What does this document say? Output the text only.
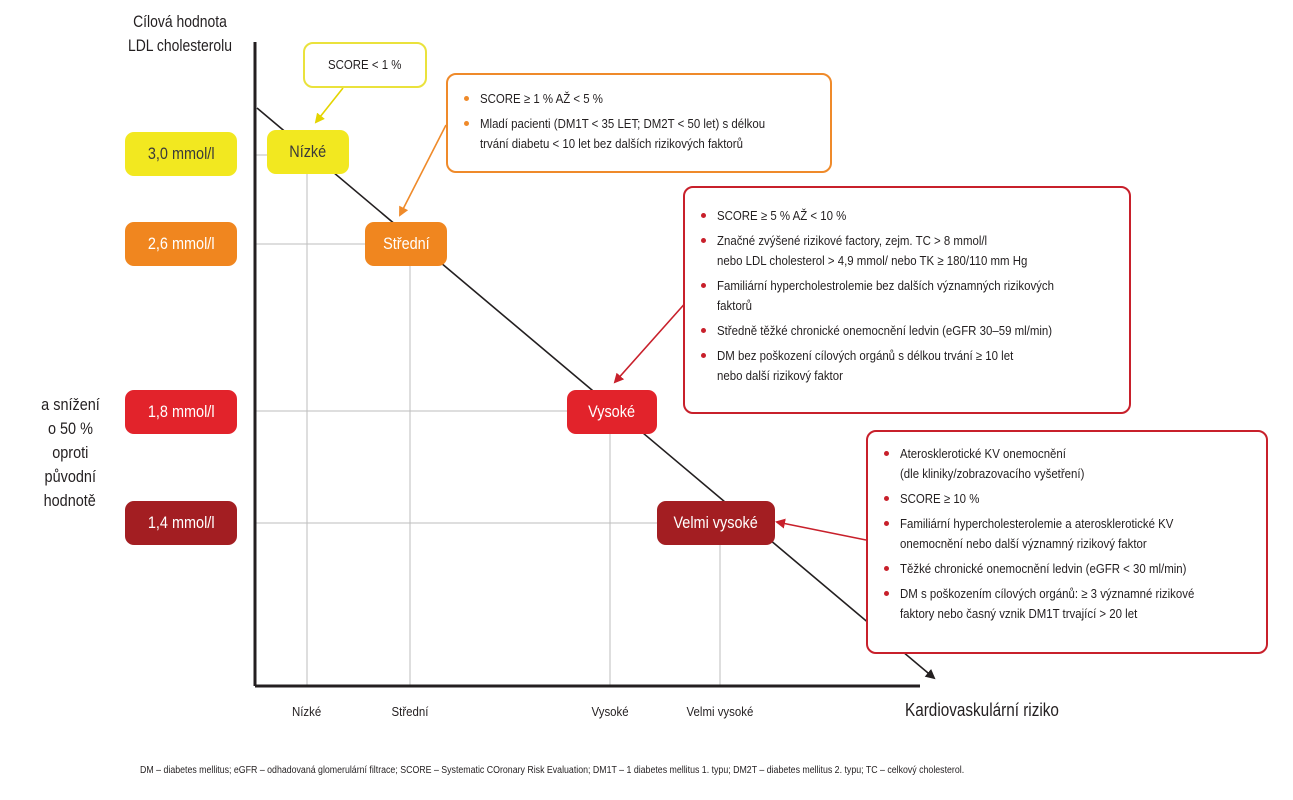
Cílová hodnota
LDL cholesterolu
3,0 mmol/l
2,6 mmol/l
1,8 mmol/l
1,4 mmol/l
a snížení
o 50 %
oproti
původní
hodnotě
Nízké
Střední
Vysoké
Velmi vysoké
SCORE < 1 %
SCORE ≥ 1 % AŽ < 5 %
Mladí pacienti (DM1T < 35 LET; DM2T < 50 let) s délkou
trvání diabetu < 10 let bez dalších rizikových faktorů
SCORE ≥ 5 % AŽ < 10 %
Značné zvýšené rizikové factory, zejm. TC > 8 mmol/l
nebo LDL cholesterol > 4,9 mmol/ nebo TK ≥ 180/110 mm Hg
Familiární hypercholestrolemie bez dalších významných rizikových
faktorů
Středně těžké chronické onemocnění ledvin (eGFR 30–59 ml/min)
DM bez poškození cílových orgánů s délkou trvání ≥ 10 let
nebo další rizikový faktor
Aterosklerotické KV onemocnění
(dle kliniky/zobrazovacího vyšetření)
SCORE ≥ 10 %
Familiární hypercholesterolemie a aterosklerotické KV
onemocnění nebo další významný rizikový faktor
Těžké chronické onemocnění ledvin (eGFR < 30 ml/min)
DM s poškozením cílových orgánů: ≥ 3 významné rizikové
faktory nebo časný vznik DM1T trvající > 20 let
Nízké	Střední	Vysoké	Velmi vysoké	Kardiovaskulární riziko
DM – diabetes mellitus; eGFR – odhadovaná glomerulární filtrace; SCORE – Systematic COronary Risk Evaluation; DM1T – 1 diabetes mellitus 1. typu; DM2T – diabetes mellitus 2. typu; TC – celkový cholesterol.
